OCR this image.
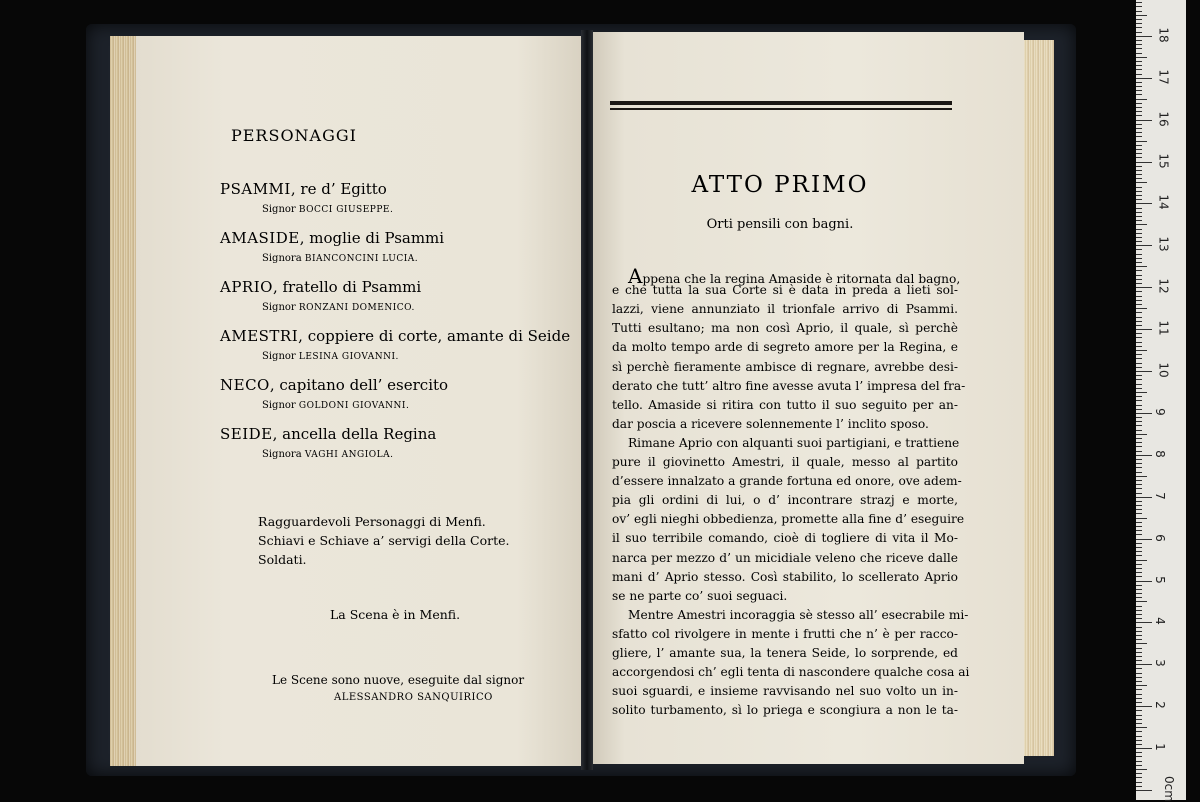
PERSONAGGI
PSAMMI, re d’ Egitto
Signor BOCCI GIUSEPPE.
AMASIDE, moglie di Psammi
Signora BIANCONCINI LUCIA.
APRIO, fratello di Psammi
Signor RONZANI DOMENICO.
AMESTRI, coppiere di corte, amante di Seide
Signor LESINA GIOVANNI.
NECO, capitano dell’ esercito
Signor GOLDONI GIOVANNI.
SEIDE, ancella della Regina
Signora VAGHI ANGIOLA.
Ragguardevoli Personaggi di Menfi.
Schiavi e Schiave a’ servigi della Corte.
Soldati.
La Scena è in Menfi.
Le Scene sono nuove, eseguite dal signor
ALESSANDRO SANQUIRICO
ATTO PRIMO
Orti pensili con bagni.
Appena che la regina Amaside è ritornata dal bagno,
e che tutta la sua Corte si è data in preda a lieti sol-
lazzi, viene annunziato il trionfale arrivo di Psammi.
Tutti esultano; ma non così Aprio, il quale, sì perchè
da molto tempo arde di segreto amore per la Regina, e
sì perchè fieramente ambisce di regnare, avrebbe desi-
derato che tutt’ altro fine avesse avuta l’ impresa del fra-
tello. Amaside si ritira con tutto il suo seguito per an-
dar poscia a ricevere solennemente l’ inclito sposo.
Rimane Aprio con alquanti suoi partigiani, e trattiene
pure il giovinetto Amestri, il quale, messo al partito
d’essere innalzato a grande fortuna ed onore, ove adem-
pia gli ordini di lui, o d’ incontrare strazj e morte,
ov’ egli nieghi obbedienza, promette alla fine d’ eseguire
il suo terribile comando, cioè di togliere di vita il Mo-
narca per mezzo d’ un micidiale veleno che riceve dalle
mani d’ Aprio stesso. Così stabilito, lo scellerato Aprio
se ne parte co’ suoi seguaci.
Mentre Amestri incoraggia sè stesso all’ esecrabile mi-
sfatto col rivolgere in mente i frutti che n’ è per racco-
gliere, l’ amante sua, la tenera Seide, lo sorprende, ed
accorgendosi ch’ egli tenta di nascondere qualche cosa ai
suoi sguardi, e insieme ravvisando nel suo volto un in-
solito turbamento, sì lo priega e scongiura a non le ta-
0cm
1
2
3
4
5
6
7
8
9
10
11
12
13
14
15
16
17
18
